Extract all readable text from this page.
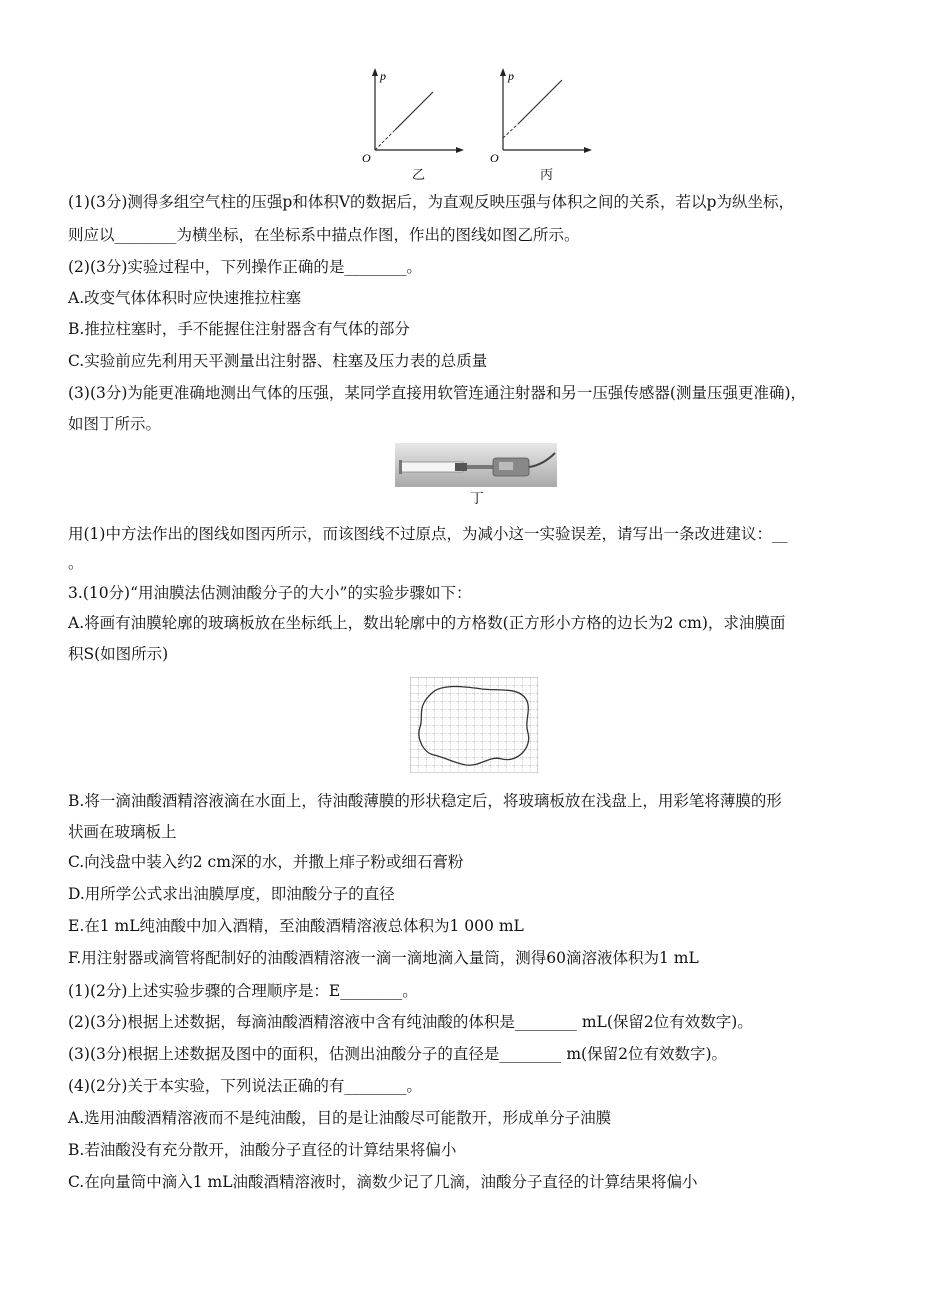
p
O
乙
p
O
丙
(1)(3分)测得多组空气柱的压强p和体积V的数据后，为直观反映压强与体积之间的关系，若以p为纵坐标，
则应以________为横坐标，在坐标系中描点作图，作出的图线如图乙所示。
(2)(3分)实验过程中，下列操作正确的是________。
A.改变气体体积时应快速推拉柱塞
B.推拉柱塞时，手不能握住注射器含有气体的部分
C.实验前应先利用天平测量出注射器、柱塞及压力表的总质量
(3)(3分)为能更准确地测出气体的压强，某同学直接用软管连通注射器和另一压强传感器(测量压强更准确)，
如图丁所示。
丁
用(1)中方法作出的图线如图丙所示，而该图线不过原点，为减小这一实验误差，请写出一条改进建议：__
。
3.(10分)“用油膜法估测油酸分子的大小”的实验步骤如下：
A.将画有油膜轮廓的玻璃板放在坐标纸上，数出轮廓中的方格数(正方形小方格的边长为2 cm)，求油膜面
积S(如图所示)
B.将一滴油酸酒精溶液滴在水面上，待油酸薄膜的形状稳定后，将玻璃板放在浅盘上，用彩笔将薄膜的形
状画在玻璃板上
C.向浅盘中装入约2 cm深的水，并撒上痱子粉或细石膏粉
D.用所学公式求出油膜厚度，即油酸分子的直径
E.在1 mL纯油酸中加入酒精，至油酸酒精溶液总体积为1 000 mL
F.用注射器或滴管将配制好的油酸酒精溶液一滴一滴地滴入量筒，测得60滴溶液体积为1 mL
(1)(2分)上述实验步骤的合理顺序是：E________。
(2)(3分)根据上述数据，每滴油酸酒精溶液中含有纯油酸的体积是________ mL(保留2位有效数字)。
(3)(3分)根据上述数据及图中的面积，估测出油酸分子的直径是________ m(保留2位有效数字)。
(4)(2分)关于本实验，下列说法正确的有________。
A.选用油酸酒精溶液而不是纯油酸，目的是让油酸尽可能散开，形成单分子油膜
B.若油酸没有充分散开，油酸分子直径的计算结果将偏小
C.在向量筒中滴入1 mL油酸酒精溶液时，滴数少记了几滴，油酸分子直径的计算结果将偏小
